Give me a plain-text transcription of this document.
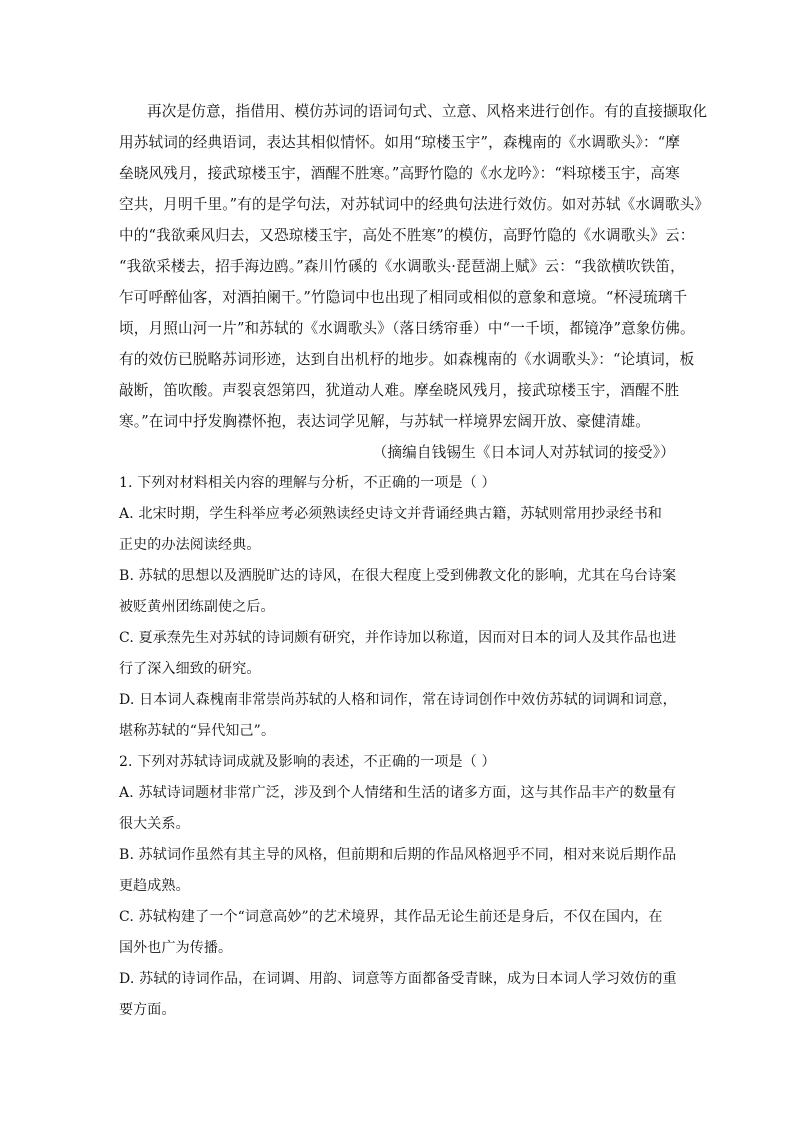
再次是仿意，指借用、模仿苏词的语词句式、立意、风格来进行创作。有的直接撷取化
用苏轼词的经典语词，表达其相似情怀。如用“琼楼玉宇”，森槐南的《水调歌头》：“摩
垒晓风残月，接武琼楼玉宇，酒醒不胜寒。”高野竹隐的《水龙吟》：“料琼楼玉宇，高寒
空共，月明千里。”有的是学句法，对苏轼词中的经典句法进行效仿。如对苏轼《水调歌头》
中的“我欲乘风归去，又恐琼楼玉宇，高处不胜寒”的模仿，高野竹隐的《水调歌头》云：
“我欲采楼去，招手海边鸥。”森川竹磎的《水调歌头·琵琶湖上赋》云：“我欲横吹铁笛，
乍可呼醉仙客，对酒拍阑干。”竹隐词中也出现了相同或相似的意象和意境。“杯浸琉璃千
顷，月照山河一片”和苏轼的《水调歌头》（落日绣帘垂）中“一千顷，都镜净”意象仿佛。
有的效仿已脱略苏词形迹，达到自出机杼的地步。如森槐南的《水调歌头》：“论填词，板
敲断，笛吹酸。声裂哀怨第四，犹道动人难。摩垒晓风残月，接武琼楼玉宇，酒醒不胜
寒。”在词中抒发胸襟怀抱，表达词学见解，与苏轼一样境界宏阔开放、豪健清雄。
（摘编自钱锡生《日本词人对苏轼词的接受》）
1. 下列对材料相关内容的理解与分析，不正确的一项是（ ）
A. 北宋时期，学生科举应考必须熟读经史诗文并背诵经典古籍，苏轼则常用抄录经书和
正史的办法阅读经典。
B. 苏轼的思想以及洒脱旷达的诗风，在很大程度上受到佛教文化的影响，尤其在乌台诗案
被贬黄州团练副使之后。
C. 夏承焘先生对苏轼的诗词颇有研究，并作诗加以称道，因而对日本的词人及其作品也进
行了深入细致的研究。
D. 日本词人森槐南非常崇尚苏轼的人格和词作，常在诗词创作中效仿苏轼的词调和词意，
堪称苏轼的“异代知己”。
2. 下列对苏轼诗词成就及影响的表述，不正确的一项是（ ）
A. 苏轼诗词题材非常广泛，涉及到个人情绪和生活的诸多方面，这与其作品丰产的数量有
很大关系。
B. 苏轼词作虽然有其主导的风格，但前期和后期的作品风格迥乎不同，相对来说后期作品
更趋成熟。
C. 苏轼构建了一个“词意高妙”的艺术境界，其作品无论生前还是身后，不仅在国内，在
国外也广为传播。
D. 苏轼的诗词作品，在词调、用韵、词意等方面都备受青睐，成为日本词人学习效仿的重
要方面。
